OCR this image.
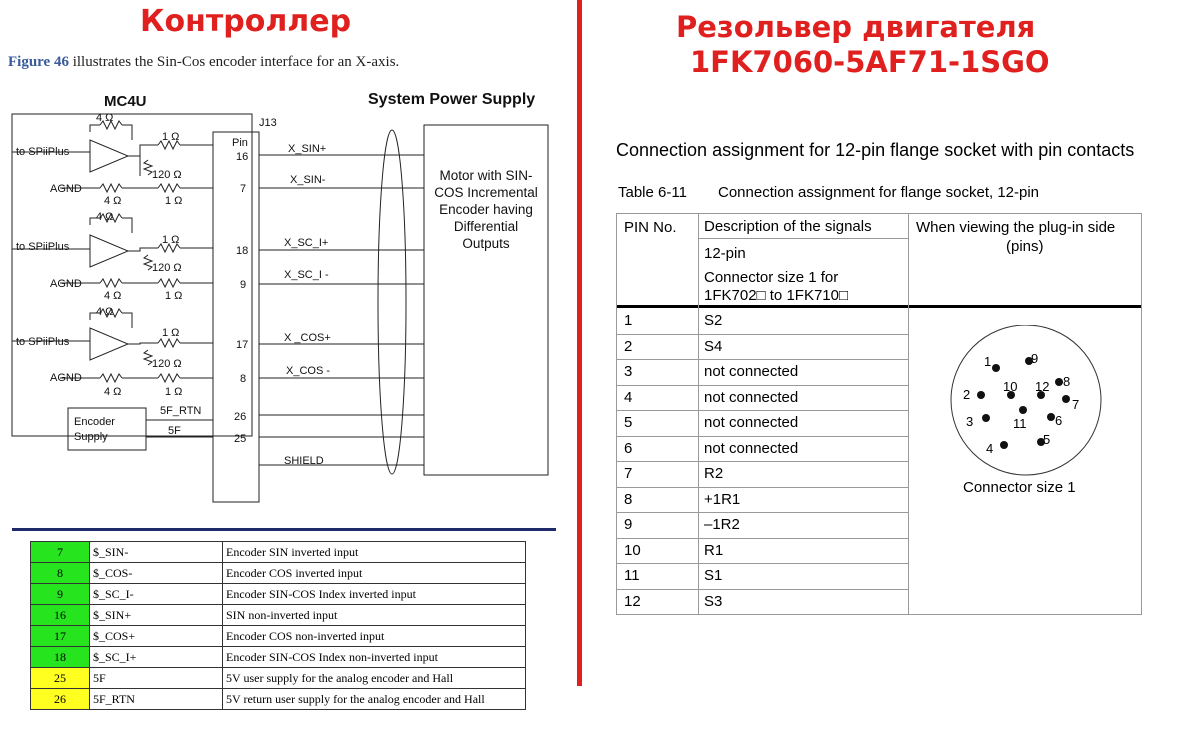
Контроллер	Резольвер двигателя
1FK7060-5AF71-1SGO
Figure 46 illustrates the Sin-Cos encoder interface for an X-axis.
MC4U	System Power Supply
J13
Pin
to SPiiPlus
AGND
4 Ω
1 Ω
120 Ω
4 Ω	1 Ω
to SPiiPlus
AGND
4 Ω
1 Ω
120 Ω
4 Ω	1 Ω
to SPiiPlus
AGND
4 Ω
1 Ω
120 Ω
4 Ω	1 Ω
16
7
18
9
17
8
26
25
X_SIN+
X_SIN-
X_SC_I+
X_SC_I -
X _COS+
X_COS -
Encoder
Supply
5F_RTN
5F
SHIELD
Motor with SIN-
COS Incremental
Encoder having
Differential
Outputs
7	$_SIN-	Encoder SIN inverted input
8	$_COS-	Encoder COS inverted input
9	$_SC_I-	Encoder SIN-COS Index inverted input
16	$_SIN+	SIN non-inverted input
17	$_COS+	Encoder COS non-inverted input
18	$_SC_I+	Encoder SIN-COS Index non-inverted input
25	5F	5V user supply for the analog encoder and Hall
26	5F_RTN	5V return user supply for the analog encoder and Hall
Connection assignment for 12-pin flange socket with pin contacts
Table 6-11 Connection assignment for flange socket, 12-pin
PIN No. Description of the signals
12-pin
Connector size 1 for
1FK702□ to 1FK710□
When viewing the plug-in side
(pins)
1	S2
2	S4
3	not connected
4	not connected
5	not connected
6	not connected
7	R2
8	+1R1
9	–1R2
10	R1
11	S1
12	S3
1
2
3
4
5
6
7
8
9
10
11
12
Connector size 1
